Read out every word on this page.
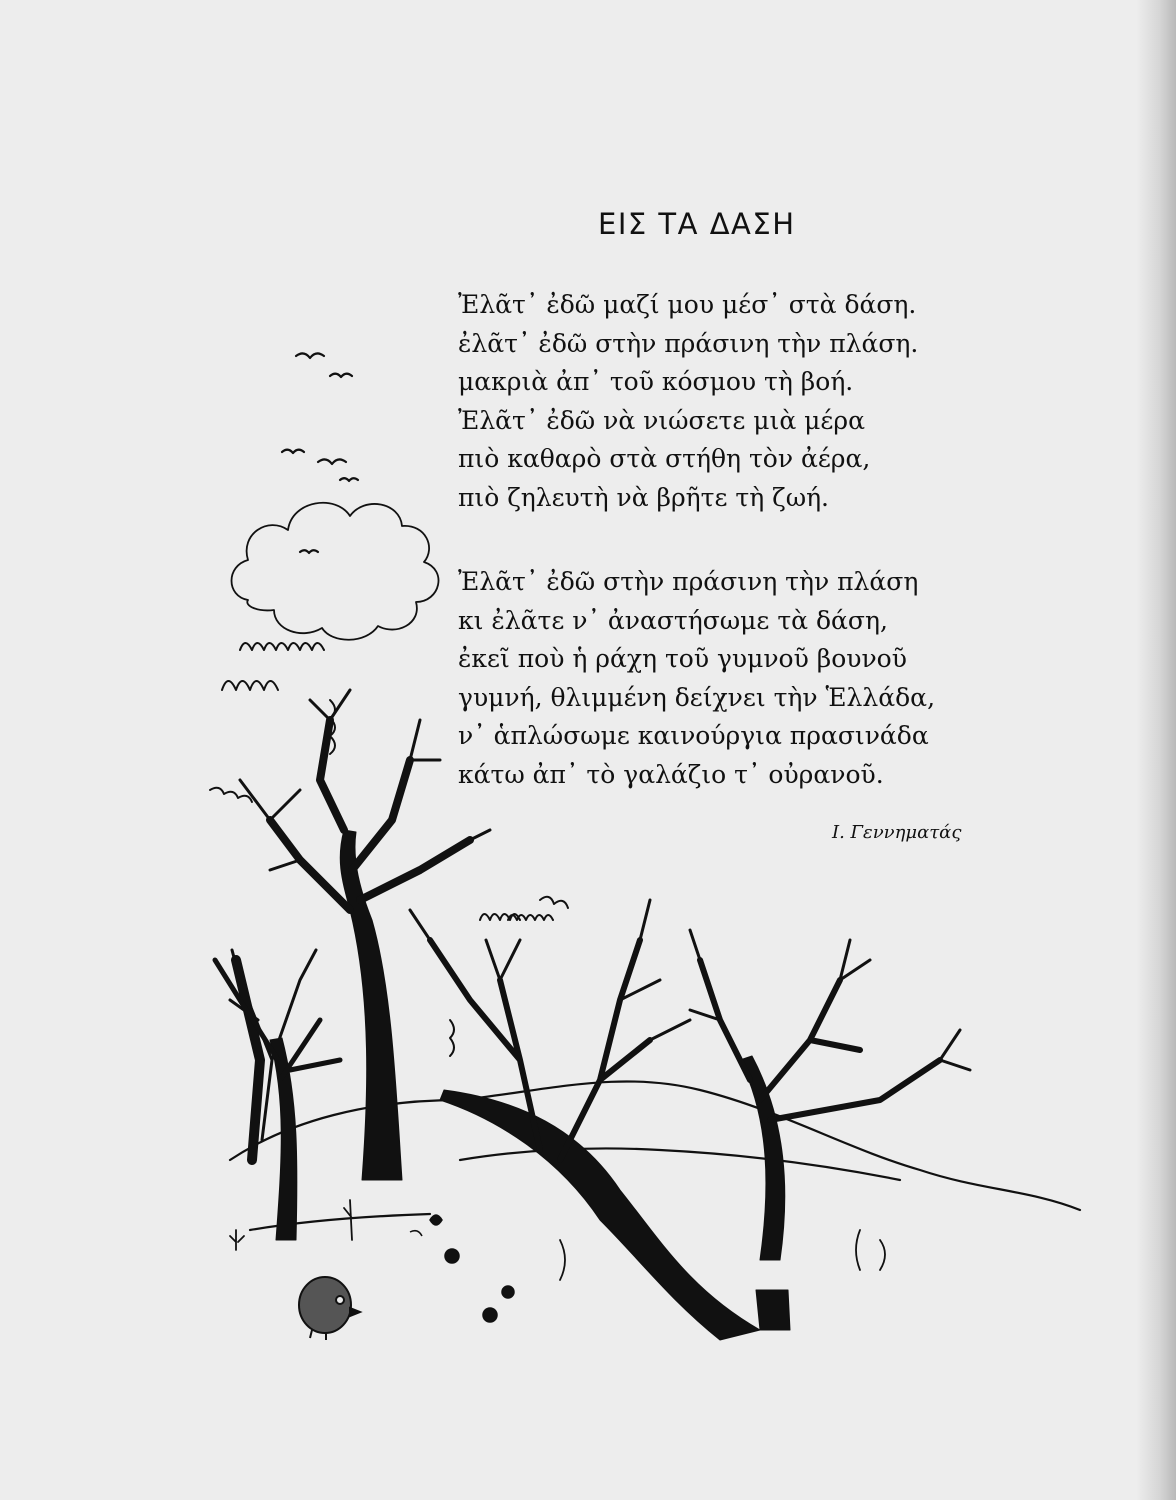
ΕΙΣ ΤΑ ΔΑΣΗ
Ἐλᾶτ᾿ ἐδῶ μαζί μου μέσ᾿ στὰ δάση.
ἐλᾶτ᾿ ἐδῶ στὴν πράσινη τὴν πλάση.
μακριὰ ἀπ᾿ τοῦ κόσμου τὴ βοή.
Ἐλᾶτ᾿ ἐδῶ νὰ νιώσετε μιὰ μέρα
πιὸ καθαρὸ στὰ στήθη τὸν ἀέρα,
πιὸ ζηλευτὴ νὰ βρῆτε τὴ ζωή.
Ἐλᾶτ᾿ ἐδῶ στὴν πράσινη τὴν πλάση
κι ἐλᾶτε ν᾿ ἀναστήσωμε τὰ δάση,
ἐκεῖ ποὺ ἡ ράχη τοῦ γυμνοῦ βουνοῦ
γυμνή, θλιμμένη δείχνει τὴν Ἑλλάδα,
ν᾿ ἁπλώσωμε καινούργια πρασινάδα
κάτω ἀπ᾿ τὸ γαλάζιο τ᾿ οὐρανοῦ.
Ι. Γεννηματάς
